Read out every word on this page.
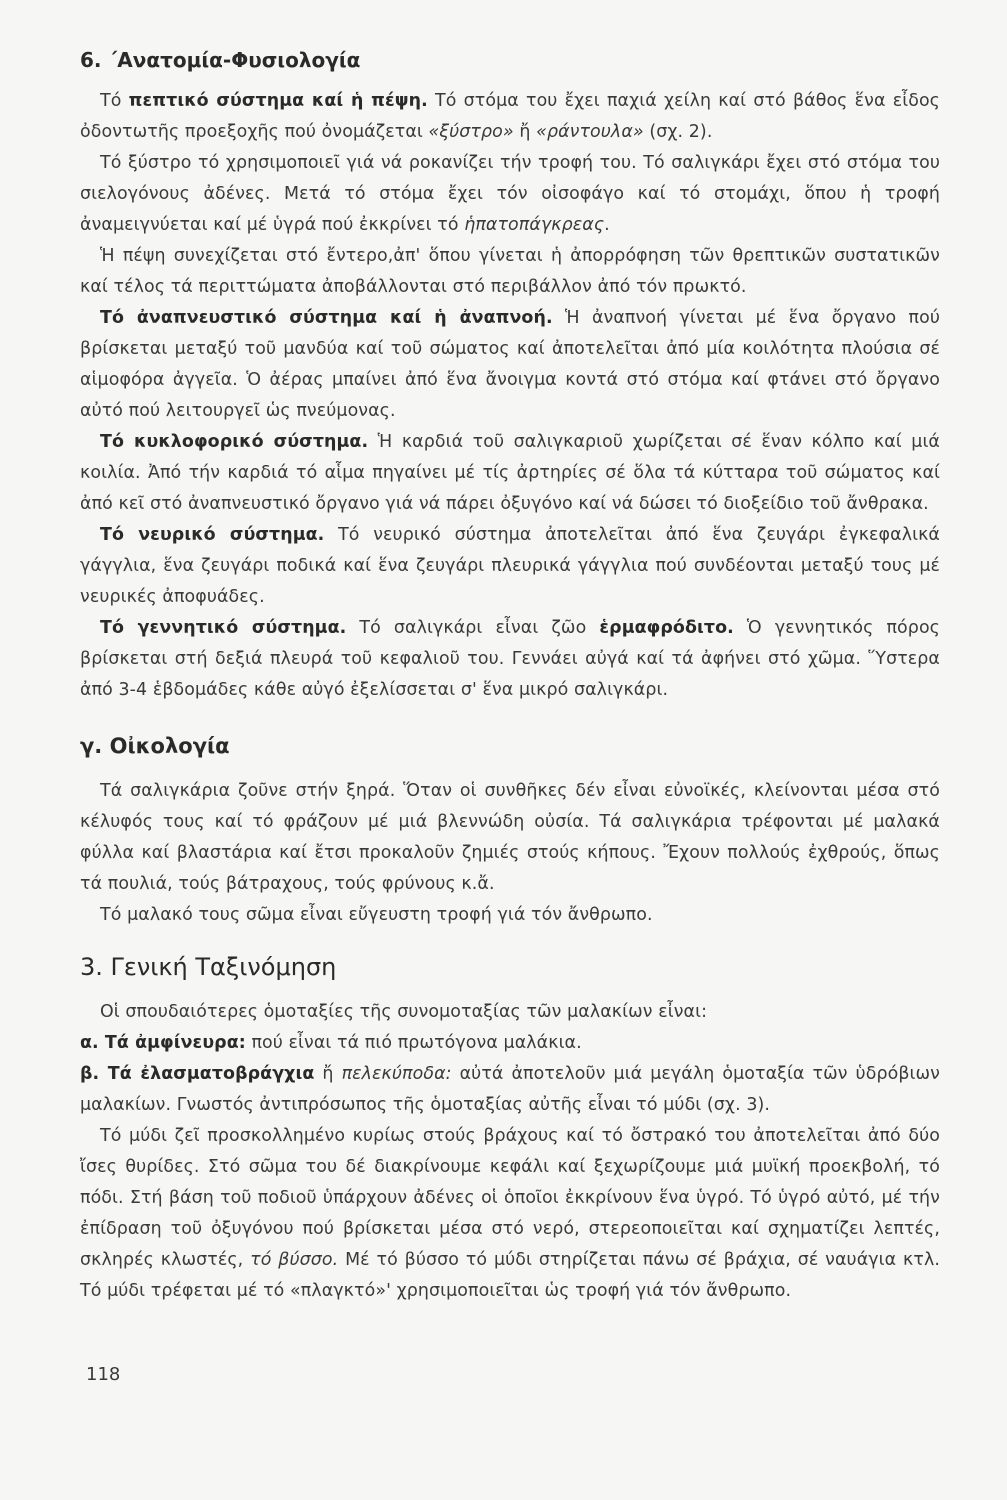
6. ΄Ανατομία-Φυσιολογία

Τό πεπτικό σύστημα καί ἡ πέψη. Τό στόμα του ἔχει παχιά χείλη καί στό βάθος ἕνα εἶδος ὀδοντωτῆς προεξοχῆς πού ὀνομάζεται «ξύστρο» ἤ «ράντουλα» (σχ. 2).

Τό ξύστρο τό χρησιμοποιεῖ γιά νά ροκανίζει τήν τροφή του. Τό σαλιγκάρι ἔχει στό στόμα του σιελογόνους ἀδένες. Μετά τό στόμα ἔχει τόν οἰσοφάγο καί τό στομάχι, ὅπου ἡ τροφή ἀναμειγνύεται καί μέ ὑγρά πού ἐκκρίνει τό ἡπατοπάγκρεας.

Ἡ πέψη συνεχίζεται στό ἔντερο,ἀπ' ὅπου γίνεται ἡ ἀπορρόφηση τῶν θρεπτικῶν συστατικῶν καί τέλος τά περιττώματα ἀποβάλλονται στό περιβάλλον ἀπό τόν πρωκτό.

Τό ἀναπνευστικό σύστημα καί ἡ ἀναπνοή. Ἡ ἀναπνοή γίνεται μέ ἕνα ὄργανο πού βρίσκεται μεταξύ τοῦ μανδύα καί τοῦ σώματος καί ἀποτελεῖται ἀπό μία κοιλότητα πλούσια σέ αἱμοφόρα ἀγγεῖα. Ὁ ἀέρας μπαίνει ἀπό ἕνα ἄνοιγμα κοντά στό στόμα καί φτάνει στό ὄργανο αὐτό πού λειτουργεῖ ὡς πνεύμονας.

Τό κυκλοφορικό σύστημα. Ἡ καρδιά τοῦ σαλιγκαριοῦ χωρίζεται σέ ἕναν κόλπο καί μιά κοιλία. Ἀπό τήν καρδιά τό αἷμα πηγαίνει μέ τίς ἀρτηρίες σέ ὅλα τά κύτταρα τοῦ σώματος καί ἀπό κεῖ στό ἀναπνευστικό ὄργανο γιά νά πάρει ὀξυγόνο καί νά δώσει τό διοξείδιο τοῦ ἄνθρακα.

Τό νευρικό σύστημα. Τό νευρικό σύστημα ἀποτελεῖται ἀπό ἕνα ζευγάρι ἐγκεφαλικά γάγγλια, ἕνα ζευγάρι ποδικά καί ἕνα ζευγάρι πλευρικά γάγγλια πού συνδέονται μεταξύ τους μέ νευρικές ἀποφυάδες.

Τό γεννητικό σύστημα. Τό σαλιγκάρι εἶναι ζῶο ἑρμαφρόδιτο. Ὁ γεννητικός πόρος βρίσκεται στή δεξιά πλευρά τοῦ κεφαλιοῦ του. Γεννάει αὐγά καί τά ἀφήνει στό χῶμα. Ὕστερα ἀπό 3-4 ἑβδομάδες κάθε αὐγό ἐξελίσσεται σ' ἕνα μικρό σαλιγκάρι.

γ. Οἰκολογία

Τά σαλιγκάρια ζοῦνε στήν ξηρά. Ὅταν οἱ συνθῆκες δέν εἶναι εὐνοϊκές, κλείνονται μέσα στό κέλυφός τους καί τό φράζουν μέ μιά βλεννώδη οὐσία. Τά σαλιγκάρια τρέφονται μέ μαλακά φύλλα καί βλαστάρια καί ἔτσι προκαλοῦν ζημιές στούς κήπους. Ἔχουν πολλούς ἐχθρούς, ὅπως τά πουλιά, τούς βάτραχους, τούς φρύνους κ.ἄ.

Τό μαλακό τους σῶμα εἶναι εὔγευστη τροφή γιά τόν ἄνθρωπο.

3. Γενική Ταξινόμηση

Οἱ σπουδαιότερες ὁμοταξίες τῆς συνομοταξίας τῶν μαλακίων εἶναι:

α. Τά ἀμφίνευρα: πού εἶναι τά πιό πρωτόγονα μαλάκια.

β. Τά ἐλασματοβράγχια ἤ πελεκύποδα: αὐτά ἀποτελοῦν μιά μεγάλη ὁμοταξία τῶν ὑδρόβιων μαλακίων. Γνωστός ἀντιπρόσωπος τῆς ὁμοταξίας αὐτῆς εἶναι τό μύδι (σχ. 3).

Τό μύδι ζεῖ προσκολλημένο κυρίως στούς βράχους καί τό ὄστρακό του ἀποτελεῖται ἀπό δύο ἴσες θυρίδες. Στό σῶμα του δέ διακρίνουμε κεφάλι καί ξεχωρίζουμε μιά μυϊκή προεκβολή, τό πόδι. Στή βάση τοῦ ποδιοῦ ὑπάρχουν ἀδένες οἱ ὁποῖοι ἐκκρίνουν ἕνα ὑγρό. Τό ὑγρό αὐτό, μέ τήν ἐπίδραση τοῦ ὀξυγόνου πού βρίσκεται μέσα στό νερό, στερεοποιεῖται καί σχηματίζει λεπτές, σκληρές κλωστές, τό βύσσο. Μέ τό βύσσο τό μύδι στηρίζεται πάνω σέ βράχια, σέ ναυάγια κτλ. Τό μύδι τρέφεται μέ τό «πλαγκτό»' χρησιμοποιεῖται ὡς τροφή γιά τόν ἄνθρωπο.

118
